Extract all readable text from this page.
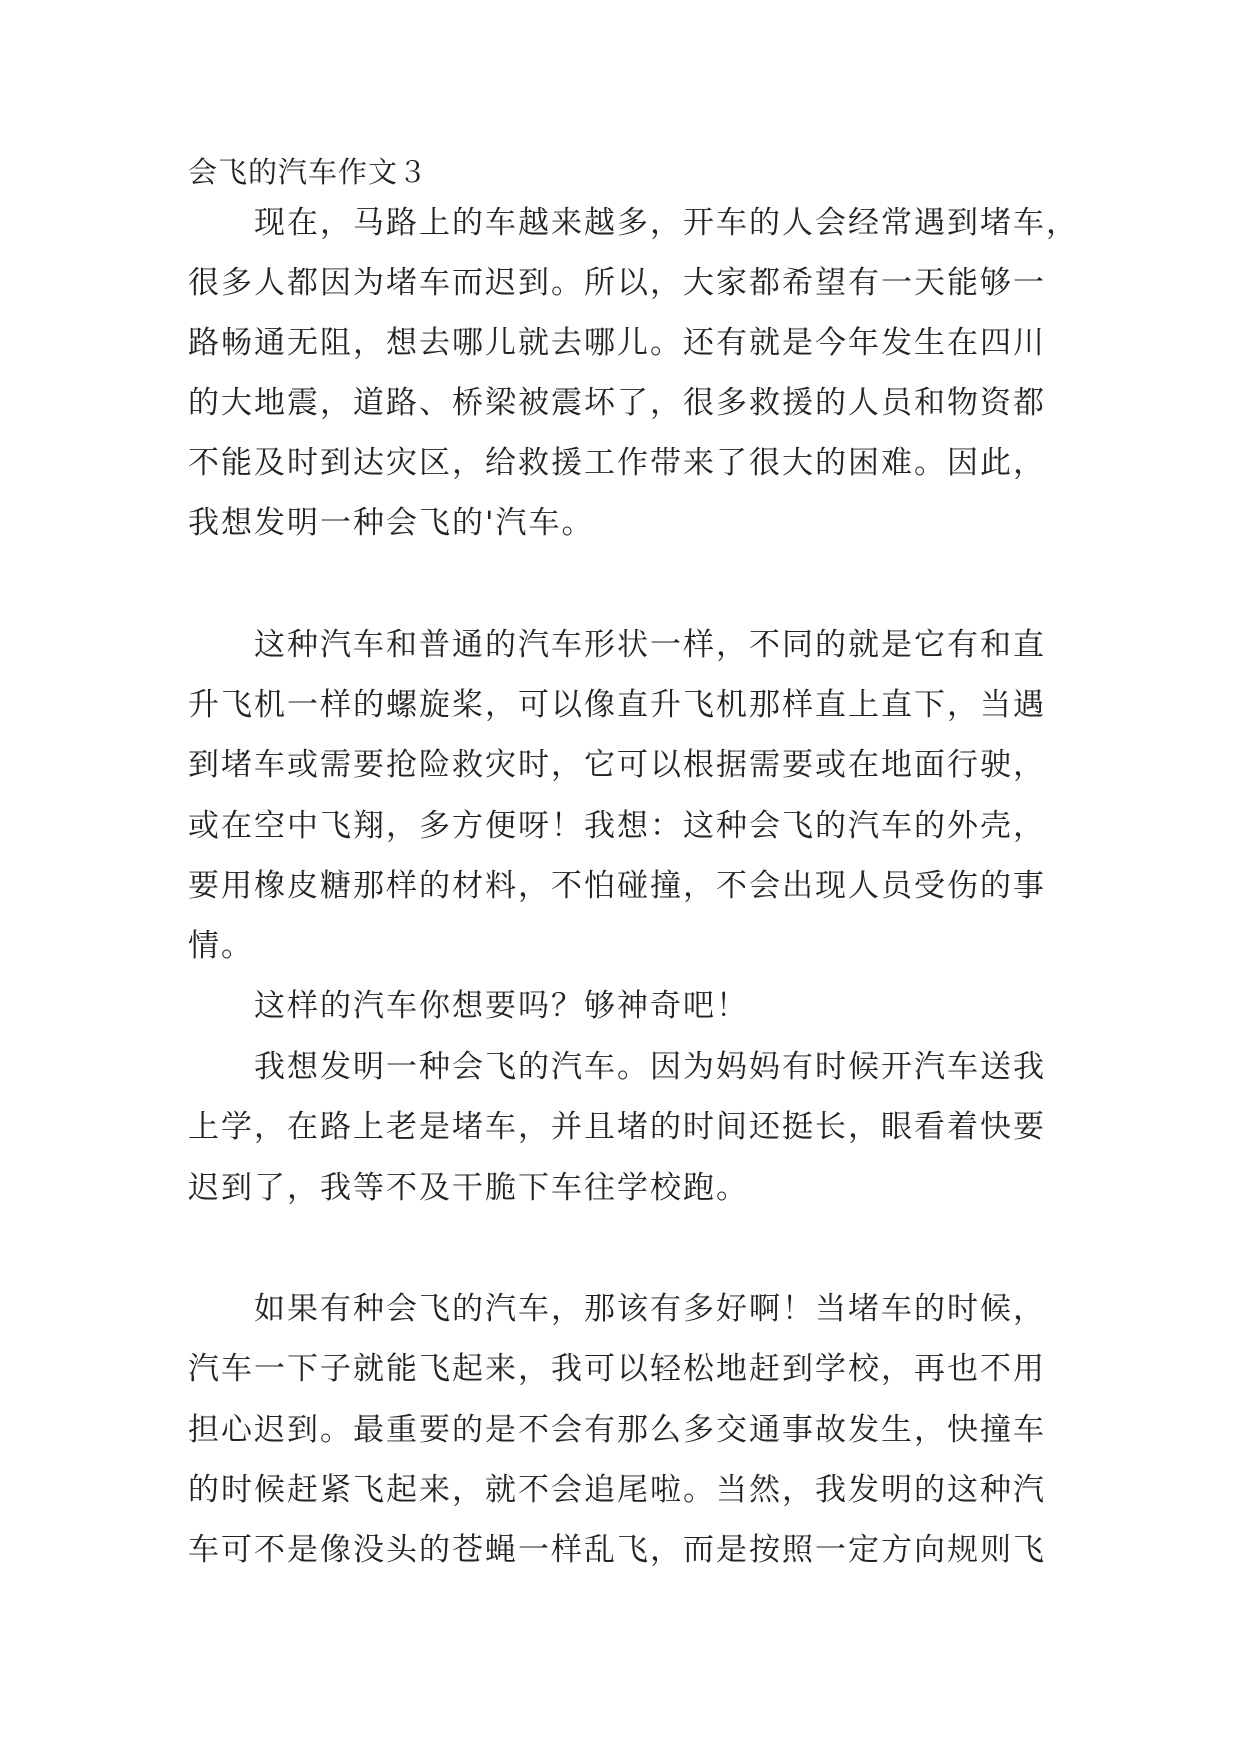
会飞的汽车作文３
现在，马路上的车越来越多，开车的人会经常遇到堵车，
很多人都因为堵车而迟到。所以，大家都希望有一天能够一
路畅通无阻，想去哪儿就去哪儿。还有就是今年发生在四川
的大地震，道路、桥梁被震坏了，很多救援的人员和物资都
不能及时到达灾区，给救援工作带来了很大的困难。因此，
我想发明一种会飞的'汽车。
这种汽车和普通的汽车形状一样，不同的就是它有和直
升飞机一样的螺旋桨，可以像直升飞机那样直上直下，当遇
到堵车或需要抢险救灾时，它可以根据需要或在地面行驶，
或在空中飞翔，多方便呀！我想：这种会飞的汽车的外壳，
要用橡皮糖那样的材料，不怕碰撞，不会出现人员受伤的事
情。
这样的汽车你想要吗？够神奇吧！
我想发明一种会飞的汽车。因为妈妈有时候开汽车送我
上学，在路上老是堵车，并且堵的时间还挺长，眼看着快要
迟到了，我等不及干脆下车往学校跑。
如果有种会飞的汽车，那该有多好啊！当堵车的时候，
汽车一下子就能飞起来，我可以轻松地赶到学校，再也不用
担心迟到。最重要的是不会有那么多交通事故发生，快撞车
的时候赶紧飞起来，就不会追尾啦。当然，我发明的这种汽
车可不是像没头的苍蝇一样乱飞，而是按照一定方向规则飞
